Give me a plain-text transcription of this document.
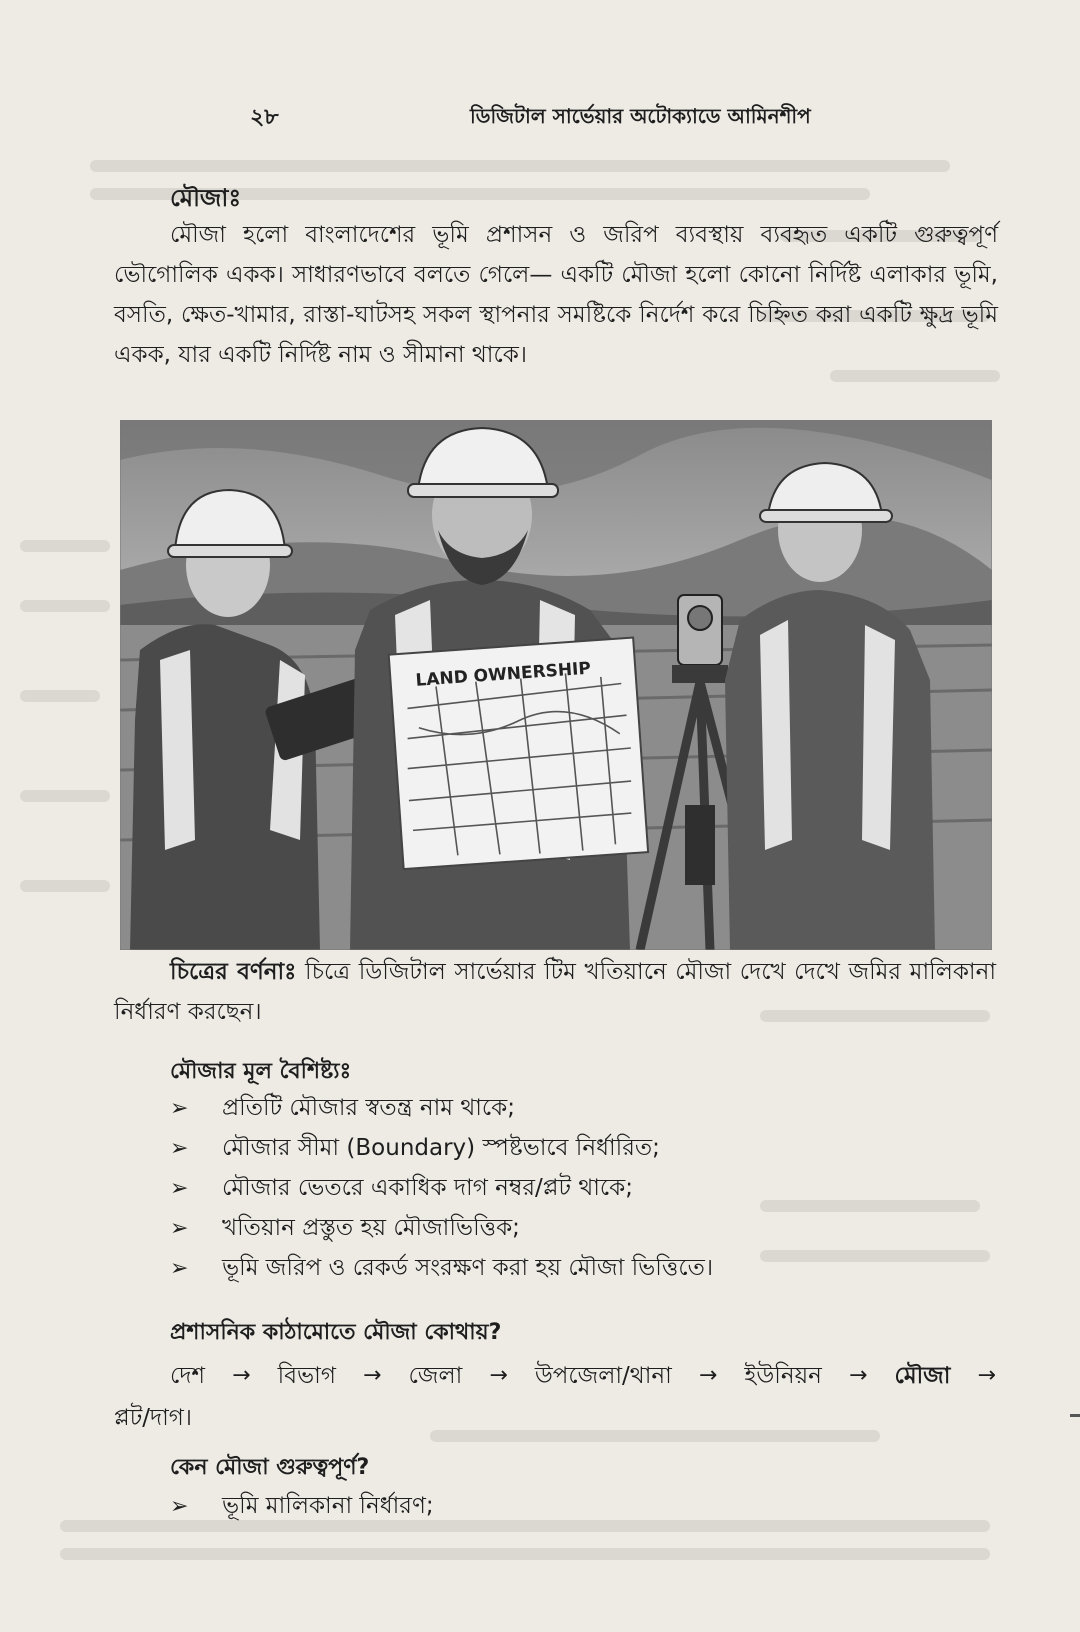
২৮	ডিজিটাল সার্ভেয়ার অটোক্যাডে আমিনশীপ
মৌজাঃ
মৌজা হলো বাংলাদেশের ভূমি প্রশাসন ও জরিপ ব্যবস্থায় ব্যবহৃত একটি গুরুত্বপূর্ণ ভৌগোলিক একক। সাধারণভাবে বলতে গেলে— একটি মৌজা হলো কোনো নির্দিষ্ট এলাকার ভূমি, বসতি, ক্ষেত-খামার, রাস্তা-ঘাটসহ সকল স্থাপনার সমষ্টিকে নির্দেশ করে চিহ্নিত করা একটি ক্ষুদ্র ভূমি একক, যার একটি নির্দিষ্ট নাম ও সীমানা থাকে।
LAND OWNERSHIP
চিত্রের বর্ণনাঃ চিত্রে ডিজিটাল সার্ভেয়ার টিম খতিয়ানে মৌজা দেখে দেখে জমির মালিকানা নির্ধারণ করছেন।
মৌজার মূল বৈশিষ্ট্যঃ
➢	প্রতিটি মৌজার স্বতন্ত্র নাম থাকে;
➢	মৌজার সীমা (Boundary) স্পষ্টভাবে নির্ধারিত;
➢	মৌজার ভেতরে একাধিক দাগ নম্বর/প্লট থাকে;
➢	খতিয়ান প্রস্তুত হয় মৌজাভিত্তিক;
➢	ভূমি জরিপ ও রেকর্ড সংরক্ষণ করা হয় মৌজা ভিত্তিতে।
প্রশাসনিক কাঠামোতে মৌজা কোথায়?
দেশ → বিভাগ → জেলা → উপজেলা/থানা → ইউনিয়ন → মৌজা →
প্লট/দাগ।
কেন মৌজা গুরুত্বপূর্ণ?
➢	ভূমি মালিকানা নির্ধারণ;
